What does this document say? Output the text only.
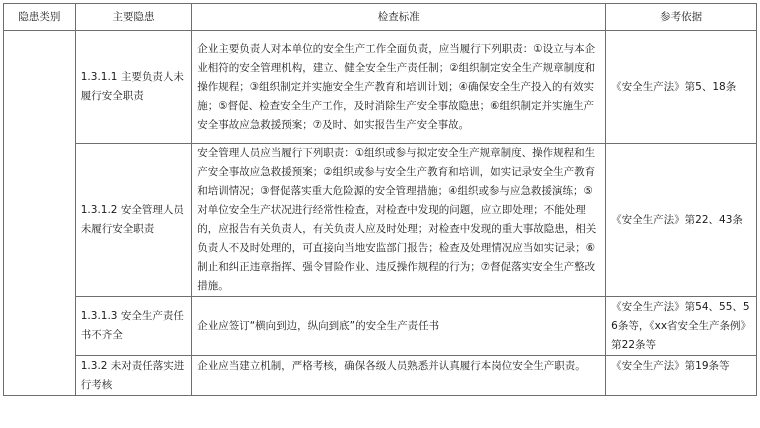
隐患类别	主要隐患	检查标准	参考依据
	1.3.1.1 主要负责人未履行安全职责	企业主要负责人对本单位的安全生产工作全面负责，应当履行下列职责：①设立与本企业相符的安全管理机构，建立、健全安全生产责任制；②组织制定安全生产规章制度和操作规程；③组织制定并实施安全生产教育和培训计划；④确保安全生产投入的有效实施；⑤督促、检查安全生产工作，及时消除生产安全事故隐患；⑥组织制定并实施生产安全事故应急救援预案；⑦及时、如实报告生产安全事故。	《安全生产法》第5、18条
	1.3.1.2 安全管理人员未履行安全职责	安全管理人员应当履行下列职责：①组织或参与拟定安全生产规章制度、操作规程和生产安全事故应急救援预案；②组织或参与安全生产教育和培训，如实记录安全生产教育和培训情况；③督促落实重大危险源的安全管理措施；④组织或参与应急救援演练；⑤对单位安全生产状况进行经常性检查，对检查中发现的问题，应立即处理；不能处理的，应报告有关负责人，有关负责人应及时处理；对检查中发现的重大事故隐患，相关负责人不及时处理的，可直接向当地安监部门报告；检查及处理情况应当如实记录；⑥制止和纠正违章指挥、强令冒险作业、违反操作规程的行为；⑦督促落实安全生产整改措施。	《安全生产法》第22、43条
	1.3.1.3 安全生产责任书不齐全	企业应签订“横向到边，纵向到底”的安全生产责任书	《安全生产法》第54、55、56条等，《xx省安全生产条例》第22条等
	1.3.2 未对责任落实进行考核	企业应当建立机制，严格考核，确保各级人员熟悉并认真履行本岗位安全生产职责。	《安全生产法》第19条等
